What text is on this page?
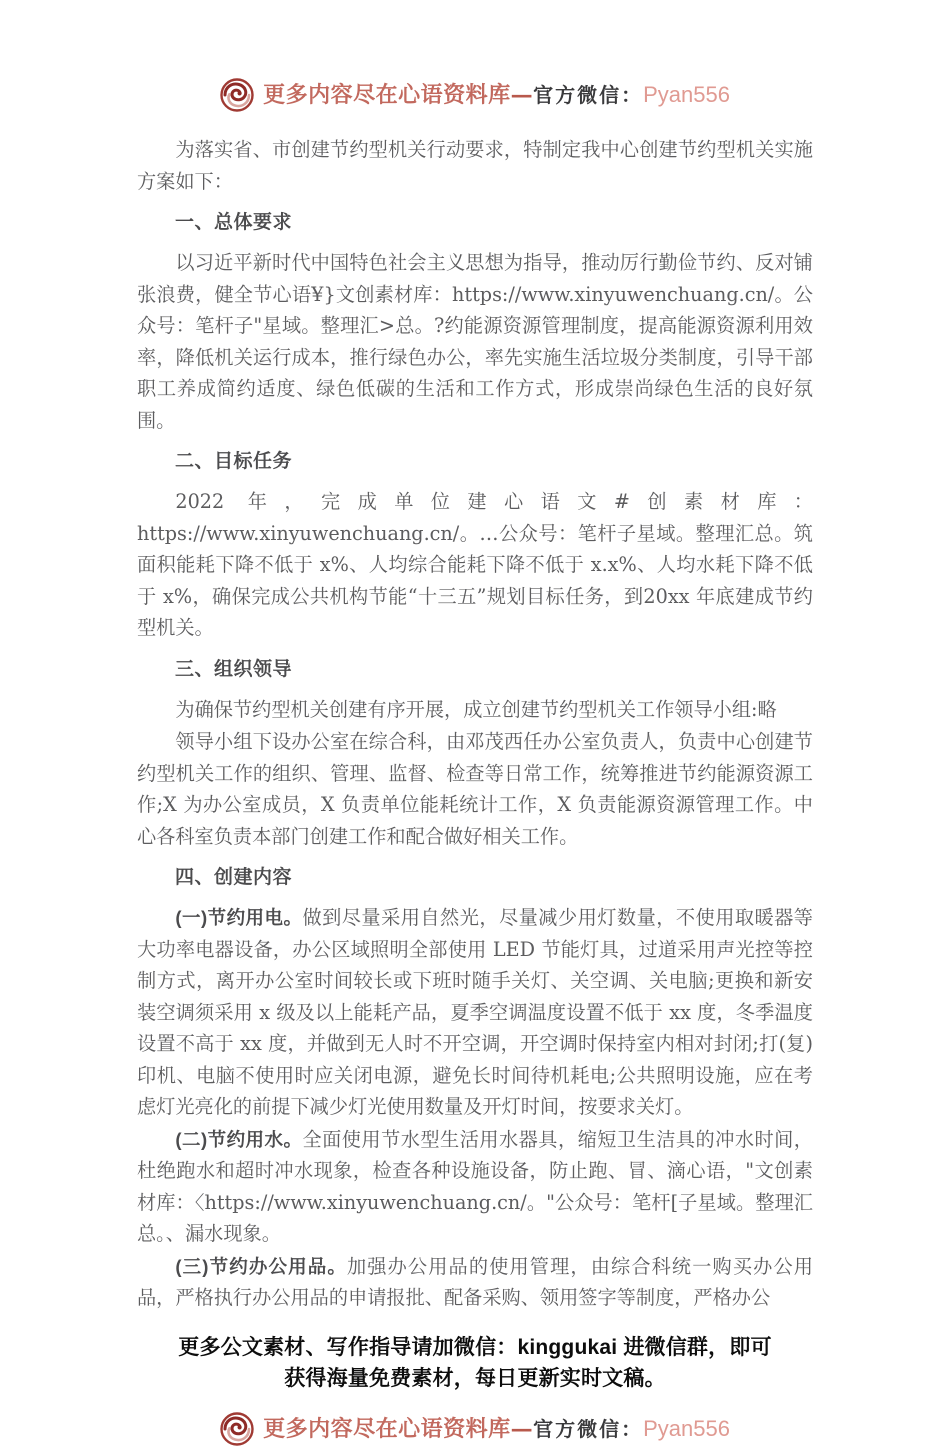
更多内容尽在心语资料库—官方微信：Pyan556

为落实省、市创建节约型机关行动要求，特制定我中心创建节约型机关实施方案如下：

一、总体要求

以习近平新时代中国特色社会主义思想为指导，推动厉行勤俭节约、反对铺张浪费，健全节心语¥}文创素材库：https://www.xinyuwenchuang.cn/。公众号：笔杆子"星域。整理汇>总。?约能源资源管理制度，提高能源资源利用效率，降低机关运行成本，推行绿色办公，率先实施生活垃圾分类制度，引导干部职工养成简约适度、绿色低碳的生活和工作方式，形成崇尚绿色生活的良好氛围。

二、目标任务

2022 年，完成单位建心语文#创素材库：https://www.xinyuwenchuang.cn/。…公众号：笔杆子星域。整理汇总。筑面积能耗下降不低于 x%、人均综合能耗下降不低于 x.x%、人均水耗下降不低于 x%，确保完成公共机构节能“十三五”规划目标任务，到20xx 年底建成节约型机关。

三、组织领导

为确保节约型机关创建有序开展，成立创建节约型机关工作领导小组:略

领导小组下设办公室在综合科，由邓茂西任办公室负责人，负责中心创建节约型机关工作的组织、管理、监督、检查等日常工作，统筹推进节约能源资源工作;X 为办公室成员，X 负责单位能耗统计工作，X 负责能源资源管理工作。中心各科室负责本部门创建工作和配合做好相关工作。

四、创建内容

(一)节约用电。做到尽量采用自然光，尽量减少用灯数量，不使用取暖器等大功率电器设备，办公区域照明全部使用 LED 节能灯具，过道采用声光控等控制方式，离开办公室时间较长或下班时随手关灯、关空调、关电脑;更换和新安装空调须采用 x 级及以上能耗产品，夏季空调温度设置不低于 xx 度，冬季温度设置不高于 xx 度，并做到无人时不开空调，开空调时保持室内相对封闭;打(复)印机、电脑不使用时应关闭电源，避免长时间待机耗电;公共照明设施，应在考虑灯光亮化的前提下减少灯光使用数量及开灯时间，按要求关灯。

(二)节约用水。全面使用节水型生活用水器具，缩短卫生洁具的冲水时间，杜绝跑水和超时冲水现象，检查各种设施设备，防止跑、冒、滴心语，"文创素材库：〈https://www.xinyuwenchuang.cn/。"公众号：笔杆[子星域。整理汇总。、漏水现象。

(三)节约办公用品。加强办公用品的使用管理，由综合科统一购买办公用品，严格执行办公用品的申请报批、配备采购、领用签字等制度，严格办公

更多公文素材、写作指导请加微信：kinggukai 进微信群，即可
获得海量免费素材，每日更新实时文稿。
更多内容尽在心语资料库—官方微信：Pyan556
